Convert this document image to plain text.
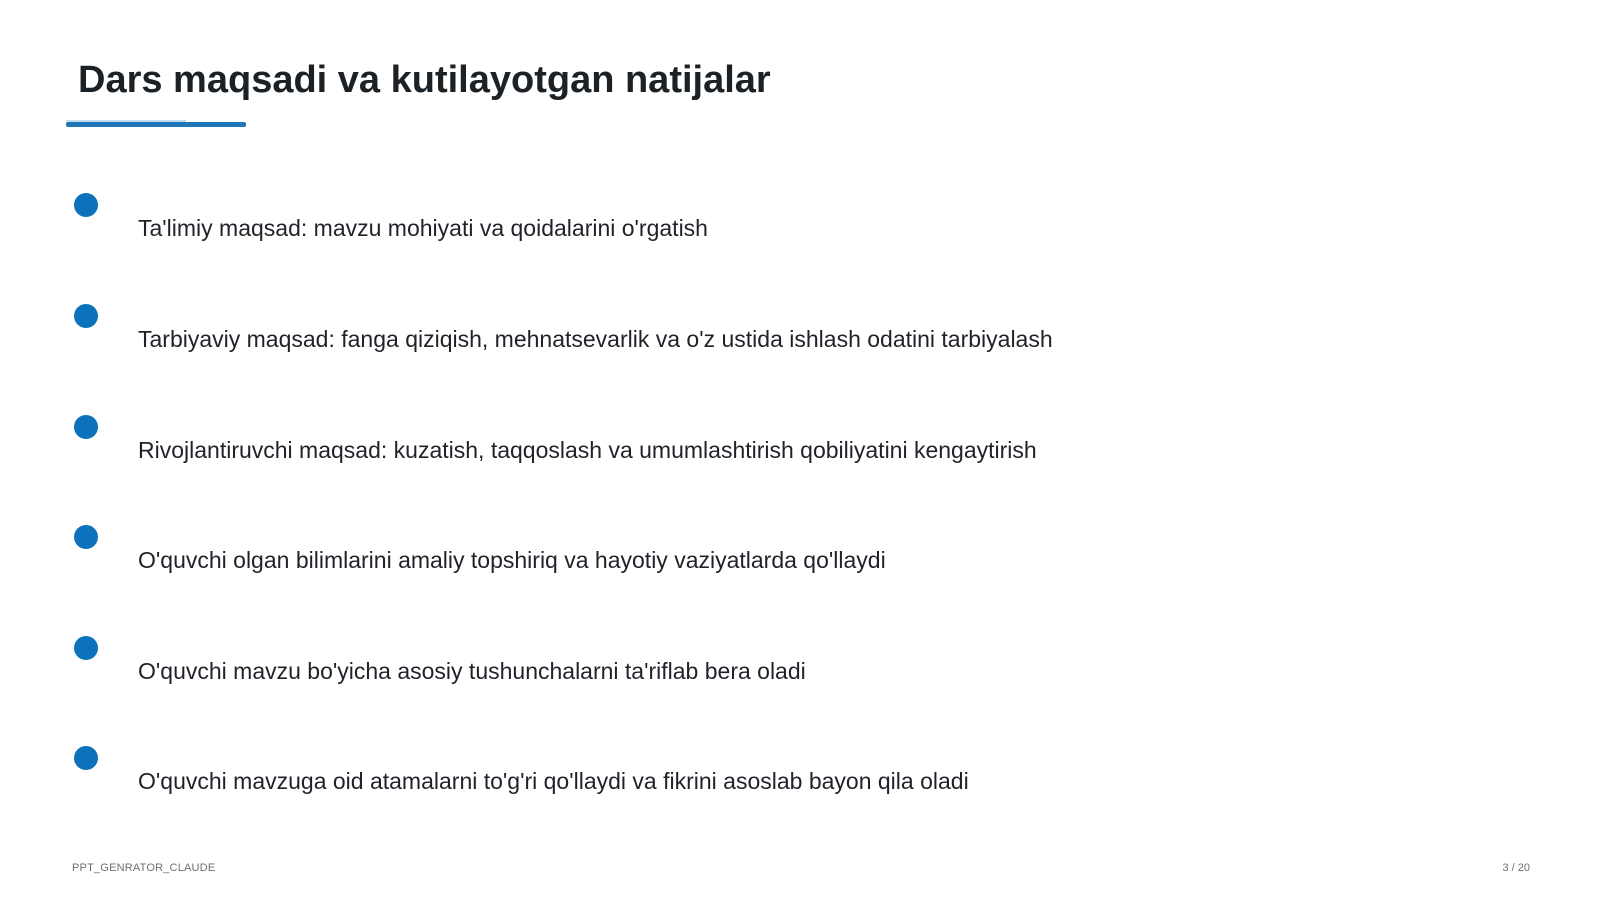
Dars maqsadi va kutilayotgan natijalar
Ta'limiy maqsad: mavzu mohiyati va qoidalarini o'rgatish
Tarbiyaviy maqsad: fanga qiziqish, mehnatsevarlik va o'z ustida ishlash odatini tarbiyalash
Rivojlantiruvchi maqsad: kuzatish, taqqoslash va umumlashtirish qobiliyatini kengaytirish
O'quvchi olgan bilimlarini amaliy topshiriq va hayotiy vaziyatlarda qo'llaydi
O'quvchi mavzu bo'yicha asosiy tushunchalarni ta'riflab bera oladi
O'quvchi mavzuga oid atamalarni to'g'ri qo'llaydi va fikrini asoslab bayon qila oladi
PPT_GENRATOR_CLAUDE	3 / 20
